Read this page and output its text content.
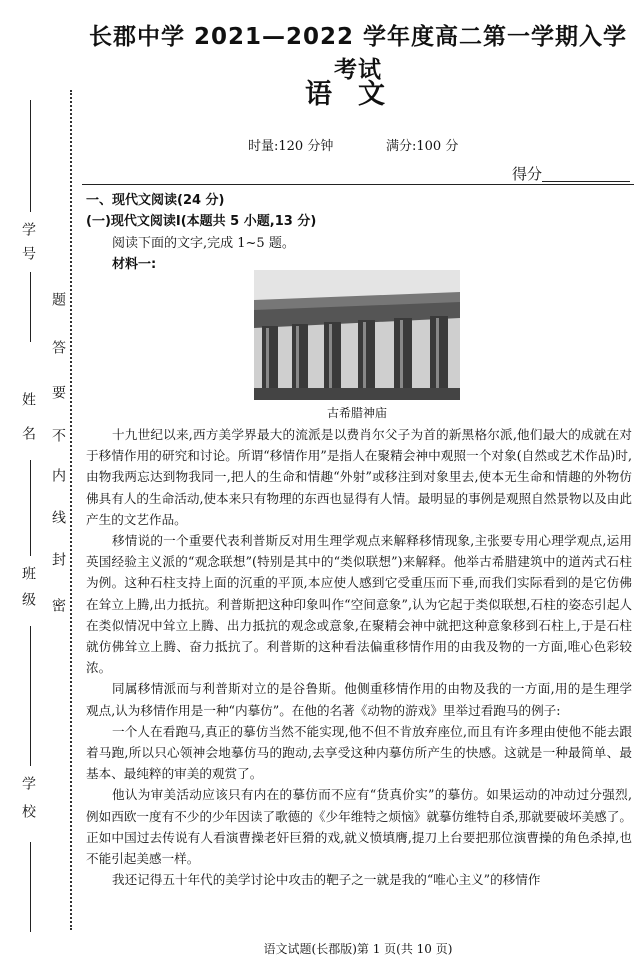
学号
姓名
班级
学校
题
答
要
不
内
线
封
密
长郡中学 2021—2022 学年度高二第一学期入学考试
语文
时量:120 分钟	满分:100 分
得分
一、现代文阅读(24 分)
(一)现代文阅读Ⅰ(本题共 5 小题,13 分)
阅读下面的文字,完成 1~5 题。
材料一:
古希腊神庙

十九世纪以来,西方美学界最大的流派是以费肖尔父子为首的新黑格尔派,他们最大的成就在对于移情作用的研究和讨论。所谓“移情作用”是指人在聚精会神中观照一个对象(自然或艺术作品)时,由物我两忘达到物我同一,把人的生命和情趣“外射”或移注到对象里去,使本无生命和情趣的外物仿佛具有人的生命活动,使本来只有物理的东西也显得有人情。最明显的事例是观照自然景物以及由此产生的文艺作品。

移情说的一个重要代表利普斯反对用生理学观点来解释移情现象,主张要专用心理学观点,运用英国经验主义派的“观念联想”(特别是其中的“类似联想”)来解释。他举古希腊建筑中的道芮式石柱为例。这种石柱支持上面的沉重的平顶,本应使人感到它受重压而下垂,而我们实际看到的是它仿佛在耸立上腾,出力抵抗。利普斯把这种印象叫作“空间意象”,认为它起于类似联想,石柱的姿态引起人在类似情况中耸立上腾、出力抵抗的观念或意象,在聚精会神中就把这种意象移到石柱上,于是石柱就仿佛耸立上腾、奋力抵抗了。利普斯的这种看法偏重移情作用的由我及物的一方面,唯心色彩较浓。

同属移情派而与利普斯对立的是谷鲁斯。他侧重移情作用的由物及我的一方面,用的是生理学观点,认为移情作用是一种“内摹仿”。在他的名著《动物的游戏》里举过看跑马的例子:

一个人在看跑马,真正的摹仿当然不能实现,他不但不肯放弃座位,而且有许多理由使他不能去跟着马跑,所以只心领神会地摹仿马的跑动,去享受这种内摹仿所产生的快感。这就是一种最简单、最基本、最纯粹的审美的观赏了。

他认为审美活动应该只有内在的摹仿而不应有“货真价实”的摹仿。如果运动的冲动过分强烈,例如西欧一度有不少的少年因读了歌德的《少年维特之烦恼》就摹仿维特自杀,那就要破坏美感了。正如中国过去传说有人看演曹操老奸巨猾的戏,就义愤填膺,提刀上台要把那位演曹操的角色杀掉,也不能引起美感一样。

我还记得五十年代的美学讨论中攻击的靶子之一就是我的“唯心主义”的移情作

语文试题(长郡版)第 1 页(共 10 页)
